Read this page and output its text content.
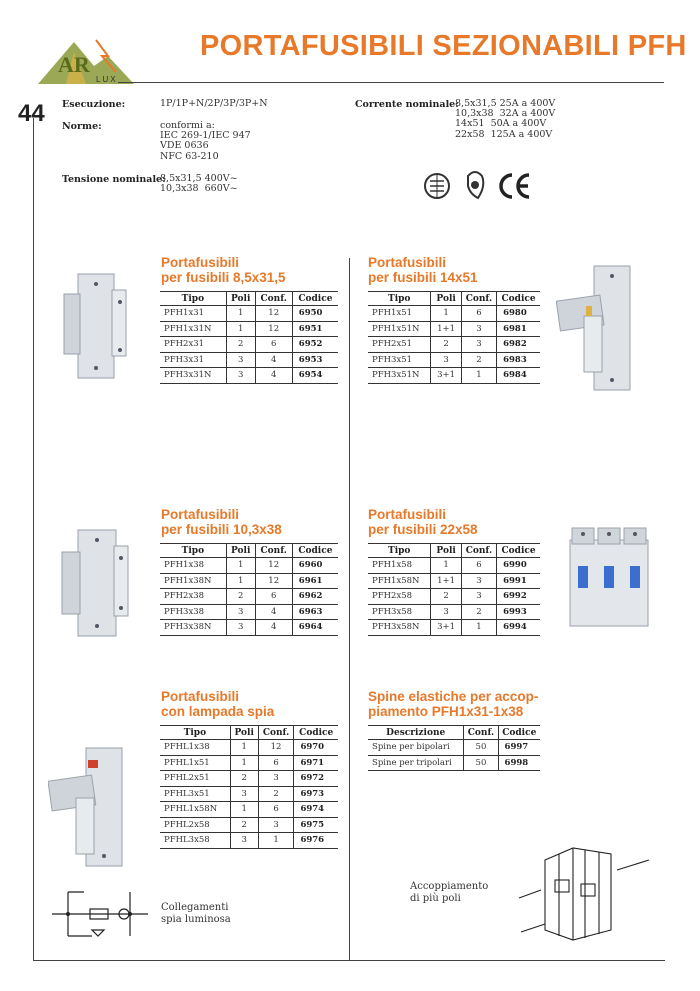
AR
LUX
PORTAFUSIBILI SEZIONABILI PFH
44 Esecuzione:	1P/1P+N/2P/3P/3P+N
Norme:	conformi a:
IEC 269-1/IEC 947
VDE 0636
NFC 63-210
Tensione nominale:
8,5x31,5 400V~
10,3x38  660V~
Corrente nominale:
8,5x31,5 25A a 400V
10,3x38  32A a 400V
14x51  50A a 400V
22x58  125A a 400V
Portafusibili
per fusibili 8,5x31,5
Tipo	Poli	Conf.	Codice
PFH1x31	1	12	6950
PFH1x31N	1	12	6951
PFH2x31	2	6	6952
PFH3x31	3	4	6953
PFH3x31N	3	4	6954
Portafusibili
per fusibili 14x51
Tipo	Poli	Conf.	Codice
PFH1x51	1	6	6980
PFH1x51N	1+1	3	6981
PFH2x51	2	3	6982
PFH3x51	3	2	6983
PFH3x51N	3+1	1	6984
Portafusibili
per fusibili 10,3x38
Tipo	Poli	Conf.	Codice
PFH1x38	1	12	6960
PFH1x38N	1	12	6961
PFH2x38	2	6	6962
PFH3x38	3	4	6963
PFH3x38N	3	4	6964
Portafusibili
per fusibili 22x58
Tipo	Poli	Conf.	Codice
PFH1x58	1	6	6990
PFH1x58N	1+1	3	6991
PFH2x58	2	3	6992
PFH3x58	3	2	6993
PFH3x58N	3+1	1	6994
Portafusibili
con lampada spia
Tipo	Poli	Conf.	Codice
PFHL1x38	1	12	6970
PFHL1x51	1	6	6971
PFHL2x51	2	3	6972
PFHL3x51	3	2	6973
PFHL1x58N	1	6	6974
PFHL2x58	2	3	6975
PFHL3x58	3	1	6976
Spine elastiche per accop-
piamento PFH1x31-1x38
Descrizione	Conf.	Codice
Spine per bipolari	50	6997
Spine per tripolari	50	6998
Collegamenti
spia luminosa
Accoppiamento
di più poli
